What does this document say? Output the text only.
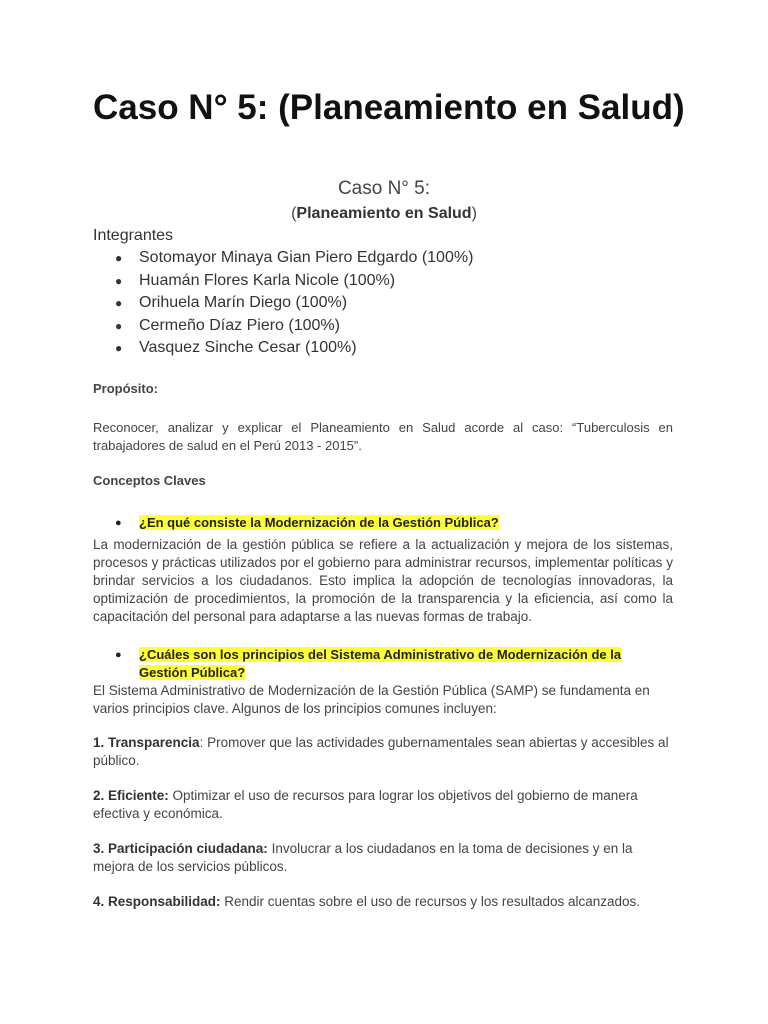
Caso N° 5: (Planeamiento en Salud)
Caso N° 5:
(Planeamiento en Salud)
Integrantes
● Sotomayor Minaya Gian Piero Edgardo (100%)
● Huamán Flores Karla Nicole (100%)
● Orihuela Marín Diego (100%)
● Cermeño Díaz Piero (100%)
● Vasquez Sinche Cesar (100%)
Propósito:
Reconocer, analizar y explicar el Planeamiento en Salud acorde al caso: “Tuberculosis en trabajadores de salud en el Perú 2013 - 2015”.
Conceptos Claves
● ¿En qué consiste la Modernización de la Gestión Pública?
La modernización de la gestión pública se refiere a la actualización y mejora de los sistemas, procesos y prácticas utilizados por el gobierno para administrar recursos, implementar políticas y brindar servicios a los ciudadanos. Esto implica la adopción de tecnologías innovadoras, la optimización de procedimientos, la promoción de la transparencia y la eficiencia, así como la capacitación del personal para adaptarse a las nuevas formas de trabajo.
● ¿Cuáles son los principios del Sistema Administrativo de Modernización de la Gestión Pública?
El Sistema Administrativo de Modernización de la Gestión Pública (SAMP) se fundamenta en varios principios clave. Algunos de los principios comunes incluyen:
1. Transparencia: Promover que las actividades gubernamentales sean abiertas y accesibles al público.
2. Eficiente: Optimizar el uso de recursos para lograr los objetivos del gobierno de manera efectiva y económica.
3. Participación ciudadana: Involucrar a los ciudadanos en la toma de decisiones y en la mejora de los servicios públicos.
4. Responsabilidad: Rendir cuentas sobre el uso de recursos y los resultados alcanzados.
